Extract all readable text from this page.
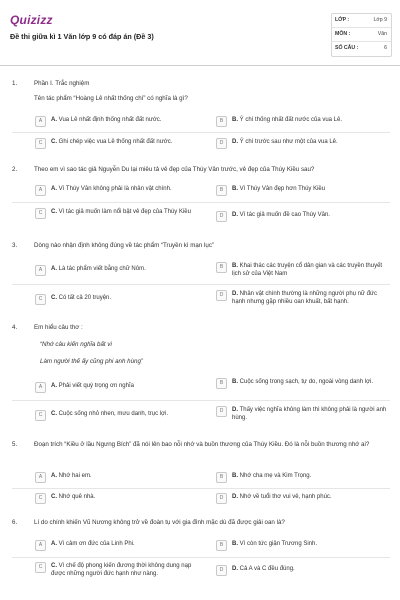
Quizizz
Đề thi giữa kì 1 Văn lớp 9 có đáp án (Đề 3)
LỚP :	Lớp 9
MÔN :	Văn
SỐ CÂU :	6
1.	Phần I. Trắc nghiệm
Tên tác phẩm “Hoàng Lê nhất thống chí” có nghĩa là gì?
A	A. Vua Lê nhất định thống nhất đất nước.	B	B. Ý chí thống nhất đất nước của vua Lê.
C	C. Ghi chép việc vua Lê thống nhất đất nước.	D	D. Ý chí trước sau như một của vua Lê.
2.	Theo em vì sao tác giả Nguyễn Du lại miêu tả vẻ đẹp của Thúy Vân trước, vẻ đẹp của Thúy Kiều sau?
A	A. Vì Thúy Vân không phải là nhân vật chính.	B	B. Vì Thúy Vân đẹp hơn Thúy Kiều
C	C. Vì tác giả muốn làm nổi bật vẻ đẹp của Thúy Kiều
D	D. Vì tác giả muốn đề cao Thúy Vân.
3.	Dòng nào nhận định không đúng về tác phẩm “Truyền kì mạn lục”
A	A. Là tác phẩm viết bằng chữ Nôm.	B	B. Khai thác các truyện cổ dân gian và các truyền thuyết lịch sử của Việt Nam
C	C. Có tất cả 20 truyện.	D	D. Nhân vật chính thường là những người phụ nữ đức hạnh nhưng gặp nhiều oan khuất, bất hạnh.
4.	Em hiểu câu thơ :
“Nhớ câu kiến nghĩa bất vi
Làm người thế ấy cũng phi anh hùng”
A	A. Phải viết quý trọng ơn nghĩa	B	B. Cuộc sống trong sạch, tự do, ngoài vòng danh lợi.
C	C. Cuộc sống nhỏ nhen, mưu danh, trục lợi.	D	D. Thấy việc nghĩa không làm thì không phải là người anh hùng.
5.	Đoạn trích “Kiều ở lầu Ngưng Bích” đã nói lên bao nỗi nhớ và buồn thương của Thúy Kiều. Đó là nỗi buồn thương nhớ ai?
A	A. Nhớ hai em.	B	B. Nhớ cha mẹ và Kim Trọng.
C	C. Nhớ quê nhà.	D	D. Nhớ về tuổi thơ vui vẻ, hạnh phúc.
6.	Lí do chính khiến Vũ Nương không trở về đoàn tụ với gia đình mặc dù đã được giải oan là?
A	A. Vì cảm ơn đức của Linh Phi.	B	B. Vì còn tức giận Trương Sinh.
C	C. Vì chế độ phong kiến đương thời không dung nạp được những người đức hạnh như nàng.
D	D. Cả A và C đều đúng.
